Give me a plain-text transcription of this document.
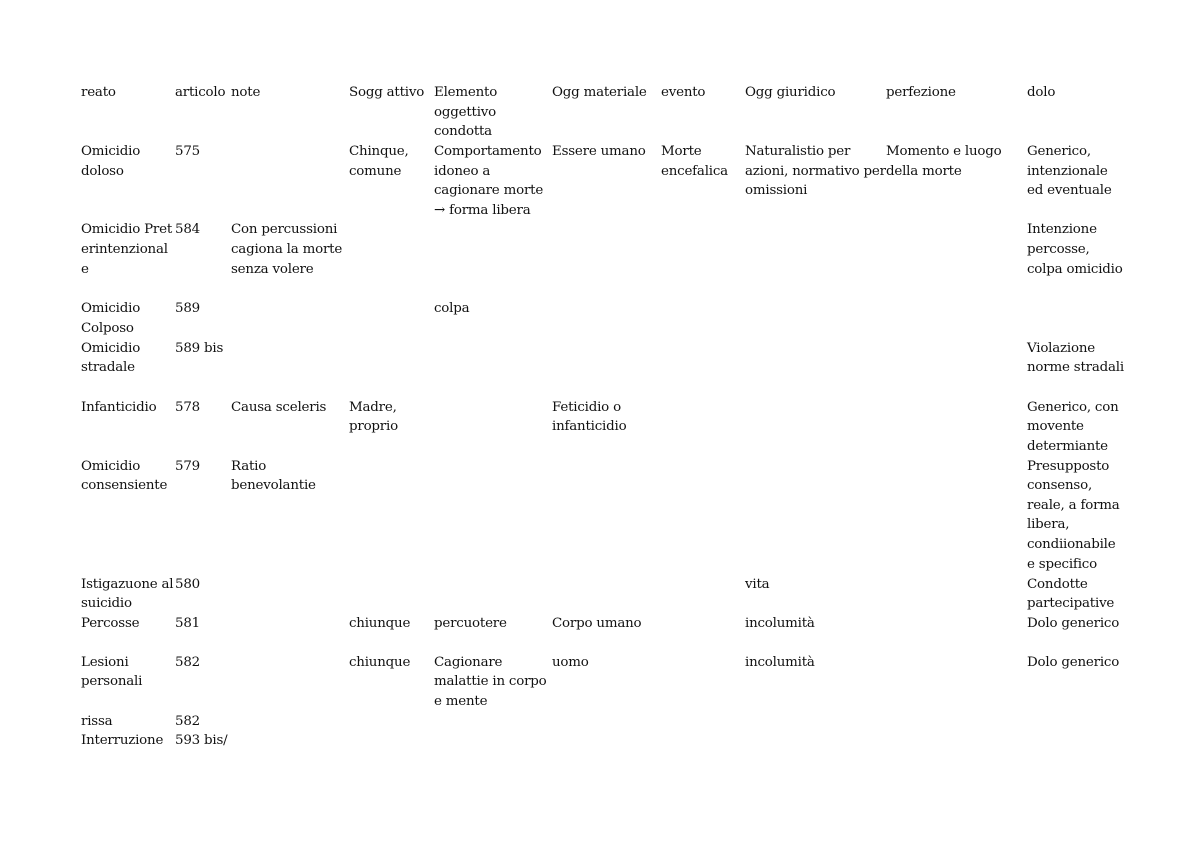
reato	articolo	note	Sogg attivo	Elemento oggettivo condotta	Ogg materiale	evento	Ogg giuridico	perfezione	dolo
Omicidio doloso	575		Chinque, comune	Comportamento idoneo a cagionare morte → forma libera	Essere umano	Morte encefalica	Naturalistio per azioni, normativo per omissioni	Momento e luogo della morte	Generico, intenzionale ed eventuale
Omicidio Preterintenzionale	584	Con percussioni cagiona la morte senza volere							Intenzione percosse, colpa omicidio
Omicidio Colposo	589			colpa					
Omicidio stradale	589 bis								Violazione norme stradali
Infanticidio	578	Causa sceleris	Madre, proprio		Feticidio o infanticidio				Generico, con movente determiante
Omicidio consensiente	579	Ratio benevolantie							Presupposto consenso, reale, a forma libera, condiionabile e specifico
Istigazuone al suicidio	580						vita		Condotte partecipative
Percosse	581		chiunque	percuotere	Corpo umano		incolumità		Dolo generico
Lesioni personali	582		chiunque	Cagionare malattie in corpo e mente	uomo		incolumità		Dolo generico
rissa	582								
Interruzione	593 bis/								
